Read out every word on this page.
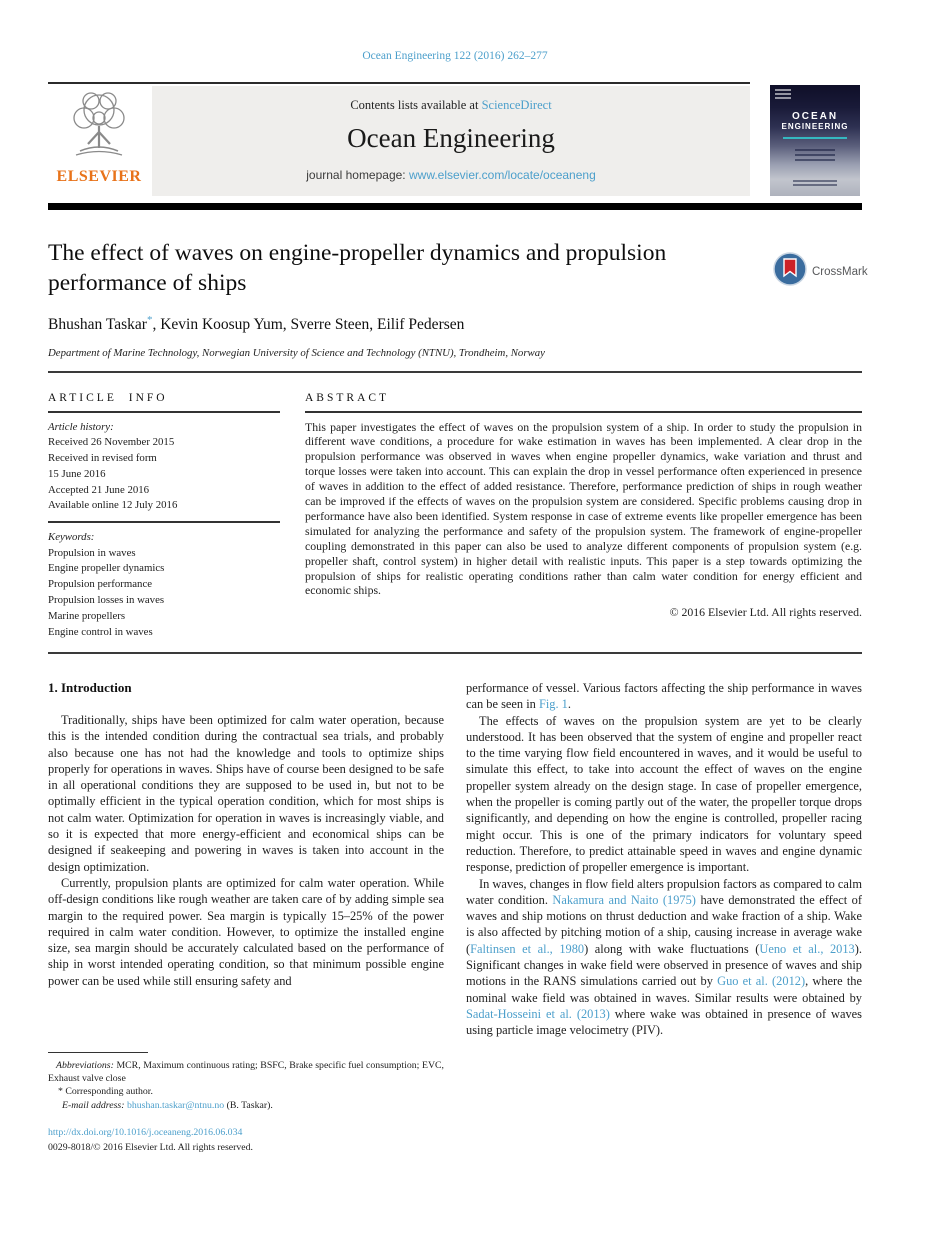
Ocean Engineering 122 (2016) 262–277
ELSEVIER
Contents lists available at ScienceDirect
Ocean Engineering
journal homepage: www.elsevier.com/locate/oceaneng
OCEAN
ENGINEERING
The effect of waves on engine-propeller dynamics and propulsion performance of ships	CrossMark
Bhushan Taskar*, Kevin Koosup Yum, Sverre Steen, Eilif Pedersen
Department of Marine Technology, Norwegian University of Science and Technology (NTNU), Trondheim, Norway
ARTICLE INFO
Article history:
Received 26 November 2015
Received in revised form
15 June 2016
Accepted 21 June 2016
Available online 12 July 2016
Keywords:
Propulsion in waves
Engine propeller dynamics
Propulsion performance
Propulsion losses in waves
Marine propellers
Engine control in waves
ABSTRACT

This paper investigates the effect of waves on the propulsion system of a ship. In order to study the propulsion in different wave conditions, a procedure for wake estimation in waves has been implemented. A clear drop in the propulsion performance was observed in waves when engine propeller dynamics, wake variation and thrust and torque losses were taken into account. This can explain the drop in vessel performance often experienced in presence of waves in addition to the effect of added resistance. Therefore, performance prediction of ships in rough weather can be improved if the effects of waves on the propulsion system are considered. Specific problems causing drop in performance have also been identified. System response in case of extreme events like propeller emergence has been simulated for analyzing the performance and safety of the propulsion system. The framework of engine-propeller coupling demonstrated in this paper can also be used to analyze different components of propulsion system (e.g. propeller shaft, control system) in higher detail with realistic inputs. This paper is a step towards optimizing the propulsion of ships for realistic operating conditions rather than calm water condition for energy efficient and economic ships.

© 2016 Elsevier Ltd. All rights reserved.
1. Introduction

Traditionally, ships have been optimized for calm water operation, because this is the intended condition during the contractual sea trials, and probably also because one has not had the knowledge and tools to optimize ships properly for operations in waves. Ships have of course been designed to be safe in all operational conditions they are supposed to be used in, but not to be optimally efficient in the typical operation condition, which for most ships is not calm water. Optimization for operation in waves is increasingly viable, and so it is expected that more energy-efficient and economical ships can be designed if seakeeping and powering in waves is taken into account in the design optimization.

Currently, propulsion plants are optimized for calm water operation. While off-design conditions like rough weather are taken care of by adding simple sea margin to the required power. Sea margin is typically 15–25% of the power required in calm water condition. However, to optimize the installed engine size, sea margin should be accurately calculated based on the performance of ship in worst intended operating condition, so that minimum possible engine power can be used while still ensuring safety and

performance of vessel. Various factors affecting the ship performance in waves can be seen in Fig. 1.

The effects of waves on the propulsion system are yet to be clearly understood. It has been observed that the system of engine and propeller react to the time varying flow field encountered in waves, and it would be useful to simulate this effect, to take into account the effect of waves on the engine propeller system already on the design stage. In case of propeller emergence, when the propeller is coming partly out of the water, the propeller torque drops significantly, and depending on how the engine is controlled, propeller racing might occur. This is one of the primary indicators for voluntary speed reduction. Therefore, to predict attainable speed in waves and engine dynamic response, prediction of propeller emergence is important.

In waves, changes in flow field alters propulsion factors as compared to calm water condition. Nakamura and Naito (1975) have demonstrated the effect of waves and ship motions on thrust deduction and wake fraction of a ship. Wake is also affected by pitching motion of a ship, causing increase in average wake (Faltinsen et al., 1980) along with wake fluctuations (Ueno et al., 2013). Significant changes in wake field were observed in presence of waves and ship motions in the RANS simulations carried out by Guo et al. (2012), where the nominal wake field was obtained in waves. Similar results were obtained by Sadat-Hosseini et al. (2013) where wake was obtained in presence of waves using particle image velocimetry (PIV).

Abbreviations: MCR, Maximum continuous rating; BSFC, Brake specific fuel consumption; EVC, Exhaust valve close

* Corresponding author.

E-mail address: bhushan.taskar@ntnu.no (B. Taskar).

http://dx.doi.org/10.1016/j.oceaneng.2016.06.034

0029-8018/© 2016 Elsevier Ltd. All rights reserved.
